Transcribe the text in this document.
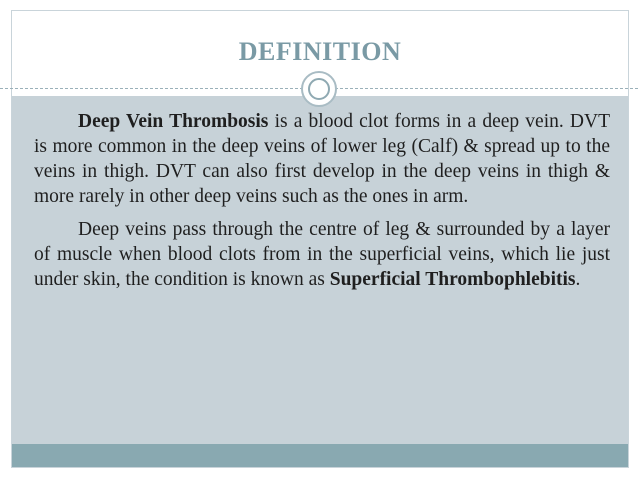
DEFINITION

Deep Vein Thrombosis is a blood clot forms in a deep vein. DVT is more common in the deep veins of lower leg (Calf) & spread up to the veins in thigh. DVT can also first develop in the deep veins in thigh & more rarely in other deep veins such as the ones in arm.

Deep veins pass through the centre of leg & surrounded by a layer of muscle when blood clots from in the superficial veins, which lie just under skin, the condition is known as Superficial Thrombophlebitis.
